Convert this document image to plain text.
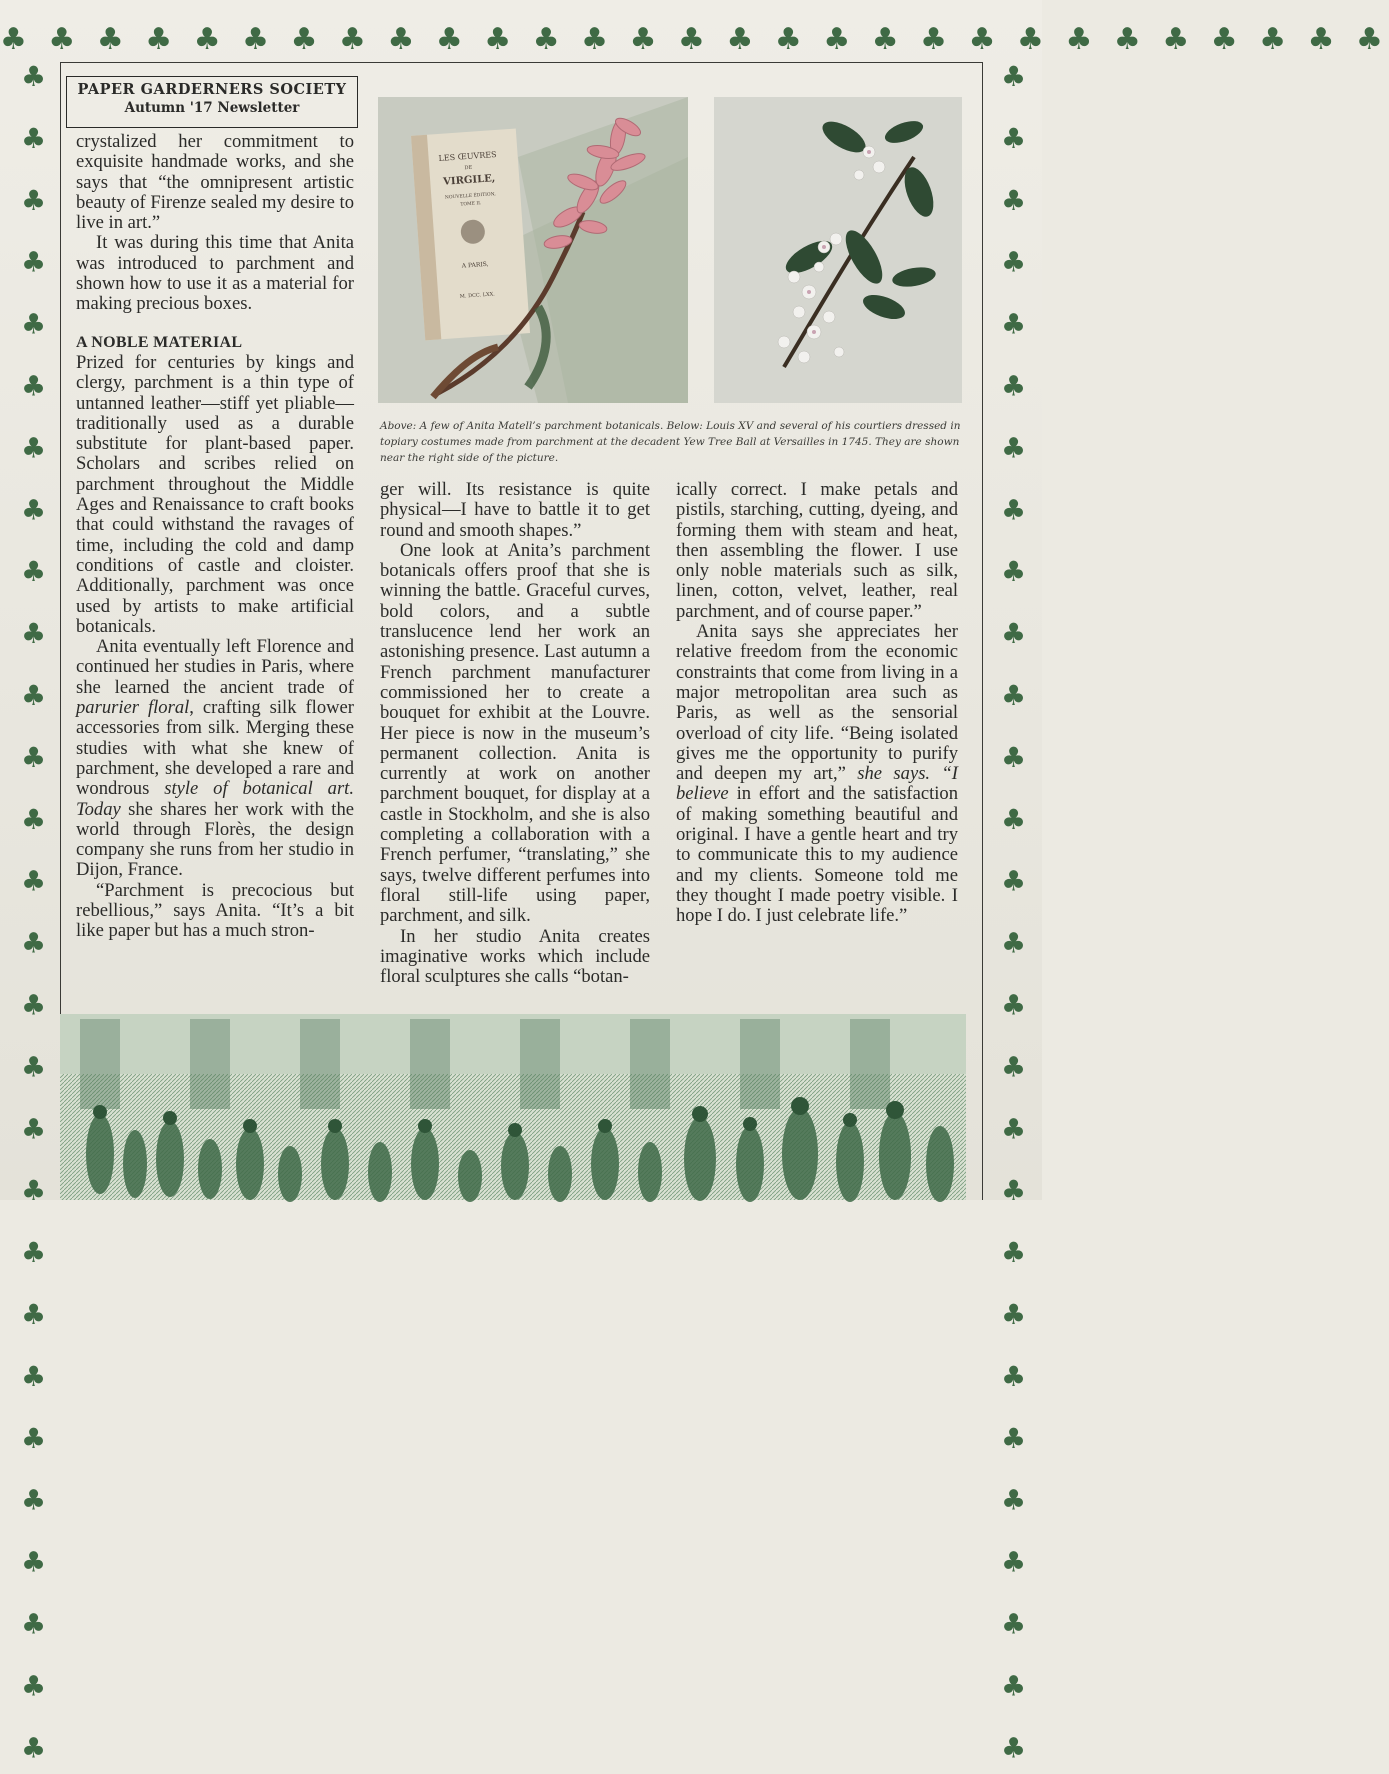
♣ ♣ ♣ ♣ ♣ ♣ ♣ ♣ ♣ ♣ ♣ ♣ ♣ ♣ ♣ ♣ ♣ ♣ ♣ ♣ ♣ ♣ ♣ ♣ ♣ ♣ ♣ ♣ ♣
♣ ♣ ♣ ♣ ♣ ♣ ♣ ♣ ♣ ♣ ♣ ♣ ♣ ♣ ♣ ♣ ♣ ♣ ♣ ♣ ♣ ♣ ♣ ♣ ♣ ♣ ♣ ♣	♣ ♣ ♣ ♣ ♣ ♣ ♣ ♣ ♣ ♣ ♣ ♣ ♣ ♣ ♣ ♣ ♣ ♣ ♣ ♣ ♣ ♣ ♣ ♣ ♣ ♣ ♣ ♣
PAPER GARDERNERS SOCIETY
Autumn '17 Newsletter

crystalized her commitment to exquisite handmade works, and she says that “the omnipresent artistic beauty of Firenze sealed my desire to live in art.”

It was during this time that Anita was introduced to parchment and shown how to use it as a material for making precious boxes.

A NOBLE MATERIAL

Prized for centuries by kings and clergy, parchment is a thin type of untanned leather—stiff yet pliable—traditionally used as a durable substitute for plant-based paper. Scholars and scribes relied on parchment throughout the Middle Ages and Renaissance to craft books that could withstand the ravages of time, including the cold and damp conditions of castle and cloister. Additionally, parchment was once used by artists to make artificial botanicals.

Anita eventually left Florence and continued her studies in Paris, where she learned the ancient trade of parurier floral, crafting silk flower accessories from silk. Merging these studies with what she knew of parchment, she developed a rare and wondrous style of botanical art. Today she shares her work with the world through Florès, the design company she runs from her studio in Dijon, France.

“Parchment is precocious but rebellious,” says Anita. “It’s a bit like paper but has a much stron-

ger will. Its resistance is quite physical—I have to battle it to get round and smooth shapes.”

One look at Anita’s parchment botanicals offers proof that she is winning the battle. Graceful curves, bold colors, and a subtle translucence lend her work an astonishing presence. Last autumn a French parchment manufacturer commissioned her to create a bouquet for exhibit at the Louvre. Her piece is now in the museum’s permanent collection. Anita is currently at work on another parchment bouquet, for display at a castle in Stockholm, and she is also completing a collaboration with a French perfumer, “translating,” she says, twelve different perfumes into floral still-life using paper, parchment, and silk.

In her studio Anita creates imaginative works which include floral sculptures she calls “botan-

ically correct. I make petals and pistils, starching, cutting, dyeing, and forming them with steam and heat, then assembling the flower. I use only noble materials such as silk, linen, cotton, velvet, leather, real parchment, and of course paper.”

Anita says she appreciates her relative freedom from the economic constraints that come from living in a major metropolitan area such as Paris, as well as the sensorial overload of city life. “Being isolated gives me the opportunity to purify and deepen my art,” she says. “I believe in effort and the satisfaction of making something beautiful and original. I have a gentle heart and try to communicate this to my audience and my clients. Someone told me they thought I made poetry visible. I hope I do. I just celebrate life.”

LES ŒUVRES
DE
VIRGILE,
NOUVELLE ÉDITION,
TOME II.
A PARIS,
M. DCC. LXX.
Above: A few of Anita Matell’s parchment botanicals. Below: Louis XV and several of his courtiers dressed in topiary costumes made from parchment at the decadent Yew Tree Ball at Versailles in 1745. They are shown near the right side of the picture.
